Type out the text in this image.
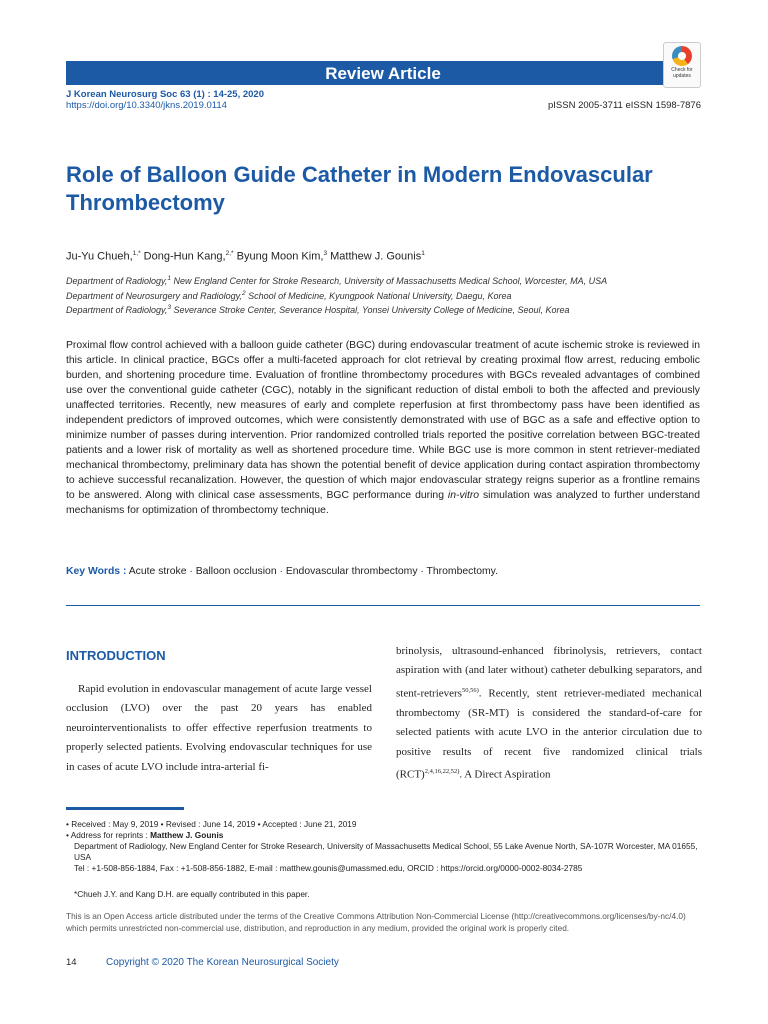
Review Article
J Korean Neurosurg Soc 63 (1) : 14-25, 2020
https://doi.org/10.3340/jkns.2019.0114	pISSN 2005-3711 eISSN 1598-7876
Check for updates
Role of Balloon Guide Catheter in Modern Endovascular Thrombectomy
Ju-Yu Chueh,$^{1,*}$ Dong-Hun Kang,$^{2,*}$ Byung Moon Kim,$^3$ Matthew J. Gounis$^1$
Department of Radiology,$^1$ New England Center for Stroke Research, University of Massachusetts Medical School, Worcester, MA, USA
Department of Neurosurgery and Radiology,$^2$ School of Medicine, Kyungpook National University, Daegu, Korea
Department of Radiology,$^3$ Severance Stroke Center, Severance Hospital, Yonsei University College of Medicine, Seoul, Korea
Proximal flow control achieved with a balloon guide catheter (BGC) during endovascular treatment of acute ischemic stroke is reviewed in this article. In clinical practice, BGCs offer a multi-faceted approach for clot retrieval by creating proximal flow arrest, reducing embolic burden, and shortening procedure time. Evaluation of frontline thrombectomy procedures with BGCs revealed advantages of combined use over the conventional guide catheter (CGC), notably in the significant reduction of distal emboli to both the affected and previously unaffected territories. Recently, new measures of early and complete reperfusion at first thrombectomy pass have been identified as independent predictors of improved outcomes, which were consistently demonstrated with use of BGC as a safe and effective option to minimize number of passes during intervention. Prior randomized controlled trials reported the positive correlation between BGC-treated patients and a lower risk of mortality as well as shortened procedure time. While BGC use is more common in stent retriever-mediated mechanical thrombectomy, preliminary data has shown the potential benefit of device application during contact aspiration thrombectomy to achieve successful recanalization. However, the question of which major endovascular strategy reigns superior as a frontline remains to be answered. Along with clinical case assessments, BGC performance during in-vitro simulation was analyzed to further understand mechanisms for optimization of thrombectomy technique.
Key Words : Acute stroke · Balloon occlusion · Endovascular thrombectomy · Thrombectomy.
INTRODUCTION

Rapid evolution in endovascular management of acute large vessel occlusion (LVO) over the past 20 years has enabled neurointerventionalists to offer effective reperfusion treatments to properly selected patients. Evolving endovascular techniques for use in cases of acute LVO include intra-arterial fi-

brinolysis, ultrasound-enhanced fibrinolysis, retrievers, contact aspiration with (and later without) catheter debulking separators, and stent-retrievers$^{50,56)}$. Recently, stent retriever-mediated mechanical thrombectomy (SR-MT) is considered the standard-of-care for selected patients with acute LVO in the anterior circulation due to positive results of recent five randomized clinical trials (RCT)$^{2,4,16,22,52)}$. A Direct Aspiration

• Received : May 9, 2019 • Revised : June 14, 2019 • Accepted : June 21, 2019
• Address for reprints : Matthew J. Gounis
Department of Radiology, New England Center for Stroke Research, University of Massachusetts Medical School, 55 Lake Avenue North, SA-107R Worcester, MA 01655, USA
Tel : +1-508-856-1884, Fax : +1-508-856-1882, E-mail : matthew.gounis@umassmed.edu, ORCID : https://orcid.org/0000-0002-8034-2785
*Chueh J.Y. and Kang D.H. are equally contributed in this paper.
This is an Open Access article distributed under the terms of the Creative Commons Attribution Non-Commercial License (http://creativecommons.org/licenses/by-nc/4.0) which permits unrestricted non-commercial use, distribution, and reproduction in any medium, provided the original work is properly cited.
14	Copyright © 2020 The Korean Neurosurgical Society
